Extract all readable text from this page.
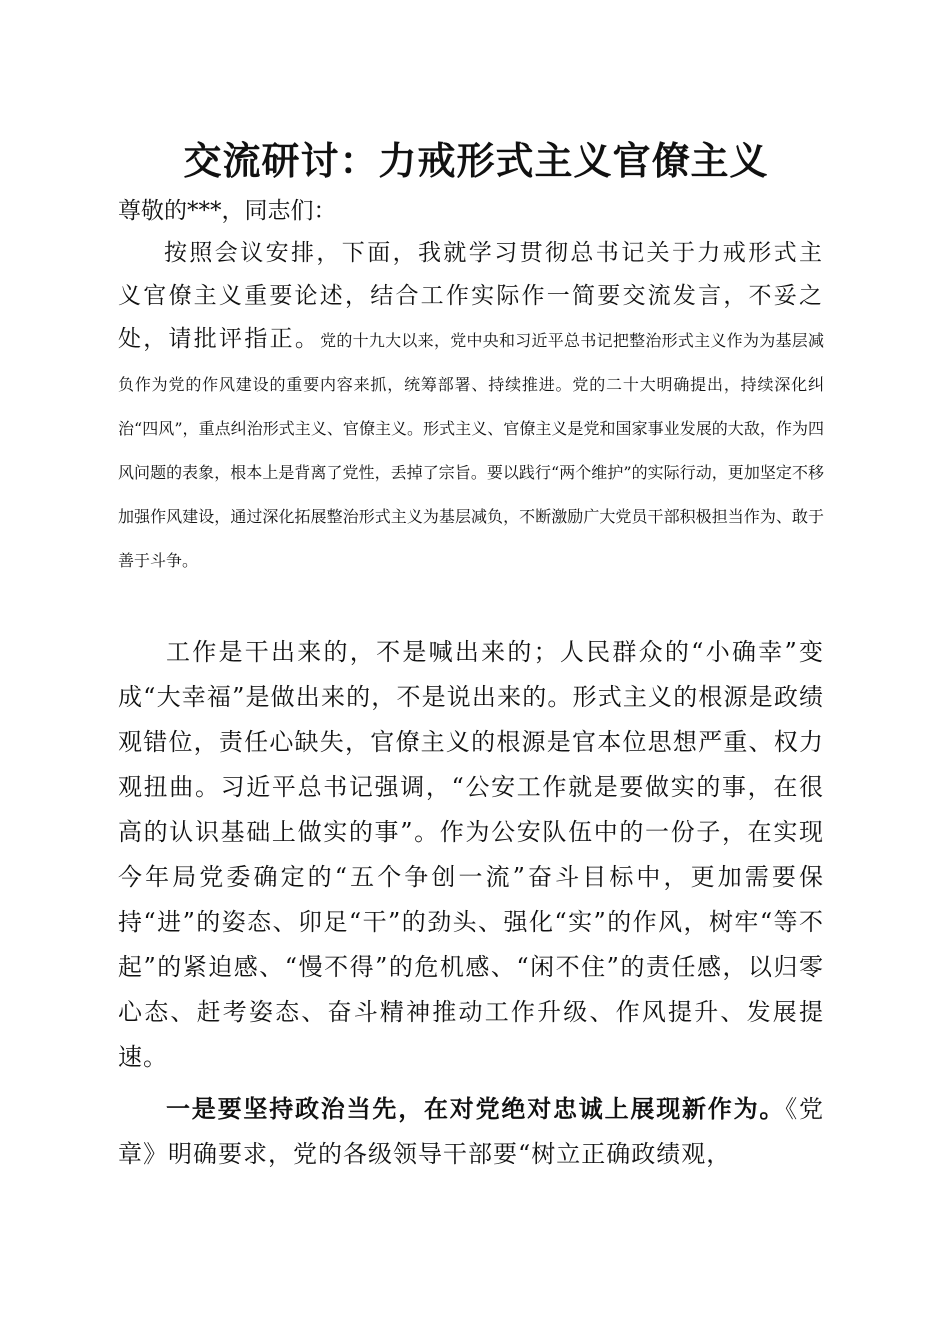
交流研讨：力戒形式主义官僚主义
尊敬的***，同志们：

按照会议安排，下面，我就学习贯彻总书记关于力戒形式主义官僚主义重要论述，结合工作实际作一简要交流发言，不妥之处，请批评指正。党的十九大以来，党中央和习近平总书记把整治形式主义作为为基层减负作为党的作风建设的重要内容来抓，统筹部署、持续推进。党的二十大明确提出，持续深化纠治“四风”，重点纠治形式主义、官僚主义。形式主义、官僚主义是党和国家事业发展的大敌，作为四风问题的表象，根本上是背离了党性，丢掉了宗旨。要以践行“两个维护”的实际行动，更加坚定不移加强作风建设，通过深化拓展整治形式主义为基层减负，不断激励广大党员干部积极担当作为、敢于善于斗争。

工作是干出来的，不是喊出来的；人民群众的“小确幸”变成“大幸福”是做出来的，不是说出来的。形式主义的根源是政绩观错位，责任心缺失，官僚主义的根源是官本位思想严重、权力观扭曲。习近平总书记强调，“公安工作就是要做实的事，在很高的认识基础上做实的事”。作为公安队伍中的一份子，在实现今年局党委确定的“五个争创一流”奋斗目标中，更加需要保持“进”的姿态、卯足“干”的劲头、强化“实”的作风，树牢“等不起”的紧迫感、“慢不得”的危机感、“闲不住”的责任感，以归零心态、赶考姿态、奋斗精神推动工作升级、作风提升、发展提速。

一是要坚持政治当先，在对党绝对忠诚上展现新作为。《党章》明确要求，党的各级领导干部要“树立正确政绩观，
